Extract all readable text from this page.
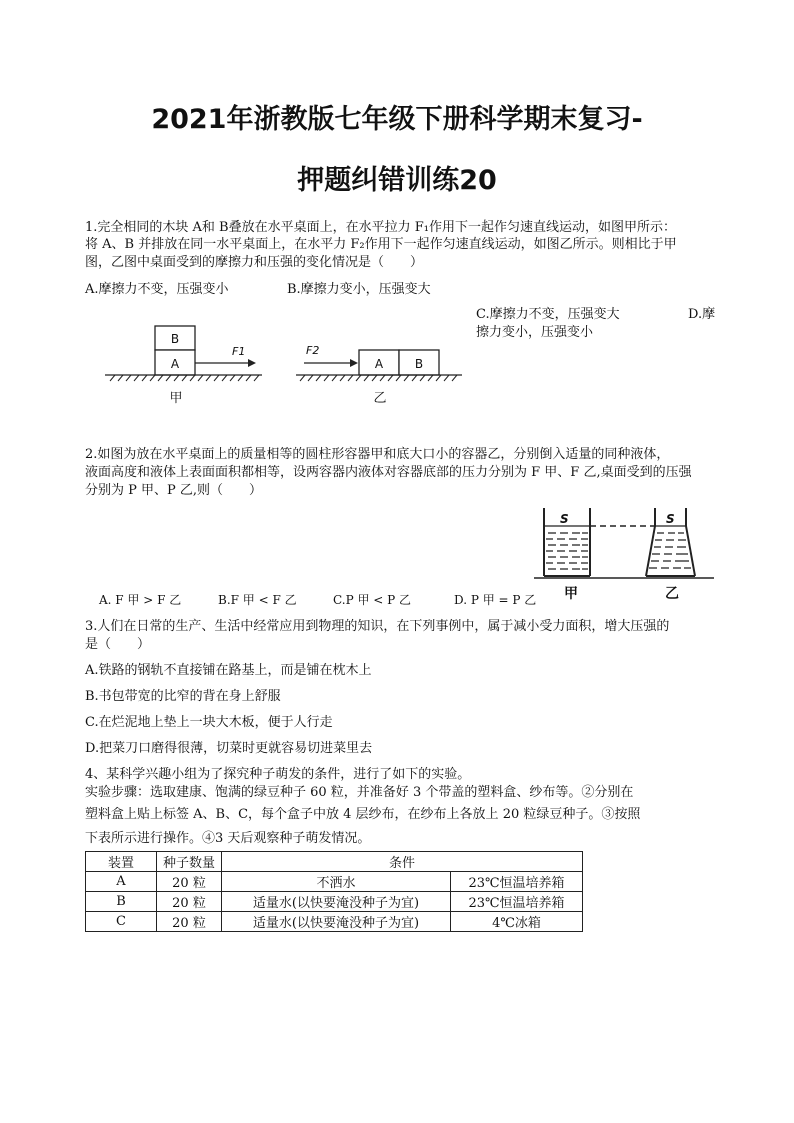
2021年浙教版七年级下册科学期末复习-
押题纠错训练20
1.完全相同的木块 A和 B叠放在水平桌面上，在水平拉力 F₁作用下一起作匀速直线运动，如图甲所示：
将 A、B 并排放在同一水平桌面上，在水平力 F₂作用下一起作匀速直线运动，如图乙所示。则相比于甲
图，乙图中桌面受到的摩擦力和压强的变化情况是（　　）
A.摩擦力不变，压强变小	B.摩擦力变小，压强变大
C.摩擦力不变，压强变大	D.摩
擦力变小，压强变小
B
A
F1
甲
F2
A	B
乙
2.如图为放在水平桌面上的质量相等的圆柱形容器甲和底大口小的容器乙，分别倒入适量的同种液体，
液面高度和液体上表面面积都相等，设两容器内液体对容器底部的压力分别为 F 甲、F 乙,桌面受到的压强
分别为 P 甲、P 乙,则（　　）
S	S
甲	乙
A. F 甲 > F 乙	B.F 甲 < F 乙	C.P 甲 < P 乙	D. P 甲 = P 乙
3.人们在日常的生产、生活中经常应用到物理的知识，在下列事例中，属于减小受力面积，增大压强的
是（　　）
A.铁路的钢轨不直接铺在路基上，而是铺在枕木上
B.书包带宽的比窄的背在身上舒服
C.在烂泥地上垫上一块大木板，便于人行走
D.把菜刀口磨得很薄，切菜时更就容易切进菜里去
4、某科学兴趣小组为了探究种子萌发的条件，进行了如下的实验。
实验步骤：选取建康、饱满的绿豆种子 60 粒，并准备好 3 个带盖的塑料盒、纱布等。②分别在
塑料盒上贴上标签 A、B、C，每个盒子中放 4 层纱布，在纱布上各放上 20 粒绿豆种子。③按照
下表所示进行操作。④3 天后观察种子萌发情况。
装置	种子数量	条件	
A	20 粒	不洒水	23℃恒温培养箱
B	20 粒	适量水(以快要淹没种子为宜)	23℃恒温培养箱
C	20 粒	适量水(以快要淹没种子为宜)	4℃冰箱
